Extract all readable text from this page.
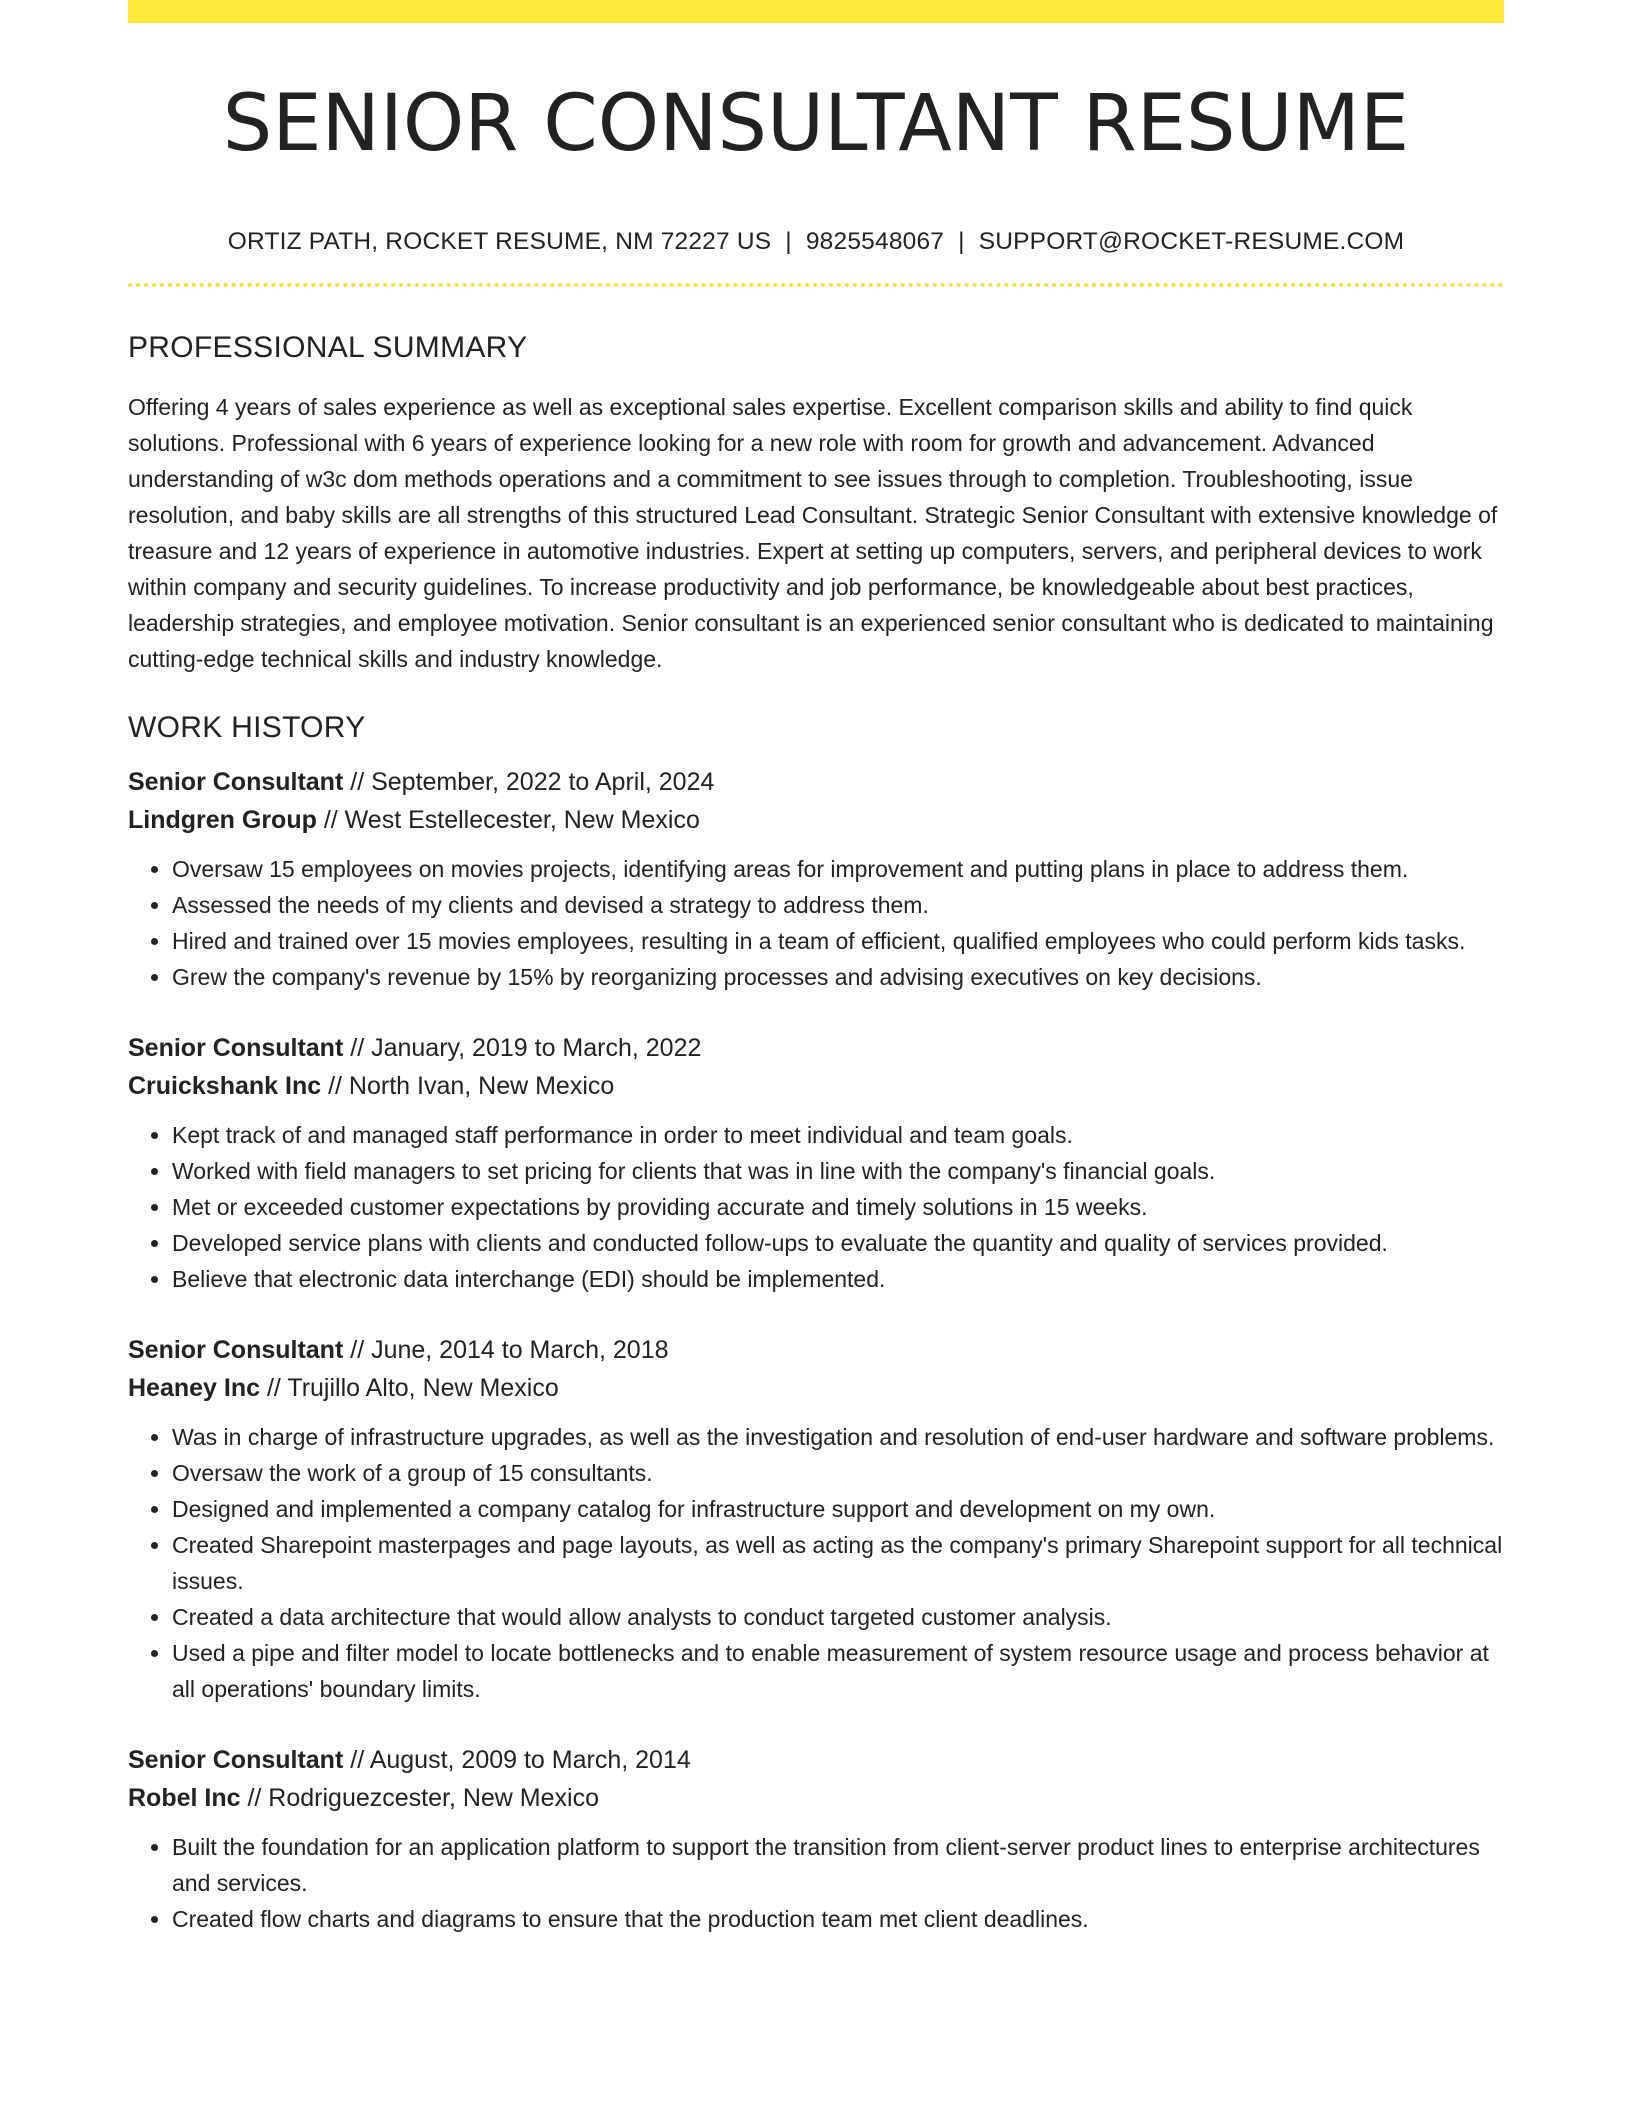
SENIOR CONSULTANT RESUME
ORTIZ PATH, ROCKET RESUME, NM 72227 US | 9825548067 | SUPPORT@ROCKET-RESUME.COM
PROFESSIONAL SUMMARY

Offering 4 years of sales experience as well as exceptional sales expertise. Excellent comparison skills and ability to find quick solutions. Professional with 6 years of experience looking for a new role with room for growth and advancement. Advanced understanding of w3c dom methods operations and a commitment to see issues through to completion. Troubleshooting, issue resolution, and baby skills are all strengths of this structured Lead Consultant. Strategic Senior Consultant with extensive knowledge of treasure and 12 years of experience in automotive industries. Expert at setting up computers, servers, and peripheral devices to work within company and security guidelines. To increase productivity and job performance, be knowledgeable about best practices, leadership strategies, and employee motivation. Senior consultant is an experienced senior consultant who is dedicated to maintaining cutting-edge technical skills and industry knowledge.

WORK HISTORY
Senior Consultant // September, 2022 to April, 2024
Lindgren Group // West Estellecester, New Mexico
• Oversaw 15 employees on movies projects, identifying areas for improvement and putting plans in place to address them.
• Assessed the needs of my clients and devised a strategy to address them.
• Hired and trained over 15 movies employees, resulting in a team of efficient, qualified employees who could perform kids tasks.
• Grew the company's revenue by 15% by reorganizing processes and advising executives on key decisions.
Senior Consultant // January, 2019 to March, 2022
Cruickshank Inc // North Ivan, New Mexico
• Kept track of and managed staff performance in order to meet individual and team goals.
• Worked with field managers to set pricing for clients that was in line with the company's financial goals.
• Met or exceeded customer expectations by providing accurate and timely solutions in 15 weeks.
• Developed service plans with clients and conducted follow-ups to evaluate the quantity and quality of services provided.
• Believe that electronic data interchange (EDI) should be implemented.
Senior Consultant // June, 2014 to March, 2018
Heaney Inc // Trujillo Alto, New Mexico
• Was in charge of infrastructure upgrades, as well as the investigation and resolution of end-user hardware and software problems.
• Oversaw the work of a group of 15 consultants.
• Designed and implemented a company catalog for infrastructure support and development on my own.
• Created Sharepoint masterpages and page layouts, as well as acting as the company's primary Sharepoint support for all technical issues.
• Created a data architecture that would allow analysts to conduct targeted customer analysis.
• Used a pipe and filter model to locate bottlenecks and to enable measurement of system resource usage and process behavior at all operations' boundary limits.
Senior Consultant // August, 2009 to March, 2014
Robel Inc // Rodriguezcester, New Mexico
• Built the foundation for an application platform to support the transition from client-server product lines to enterprise architectures and services.
• Created flow charts and diagrams to ensure that the production team met client deadlines.
